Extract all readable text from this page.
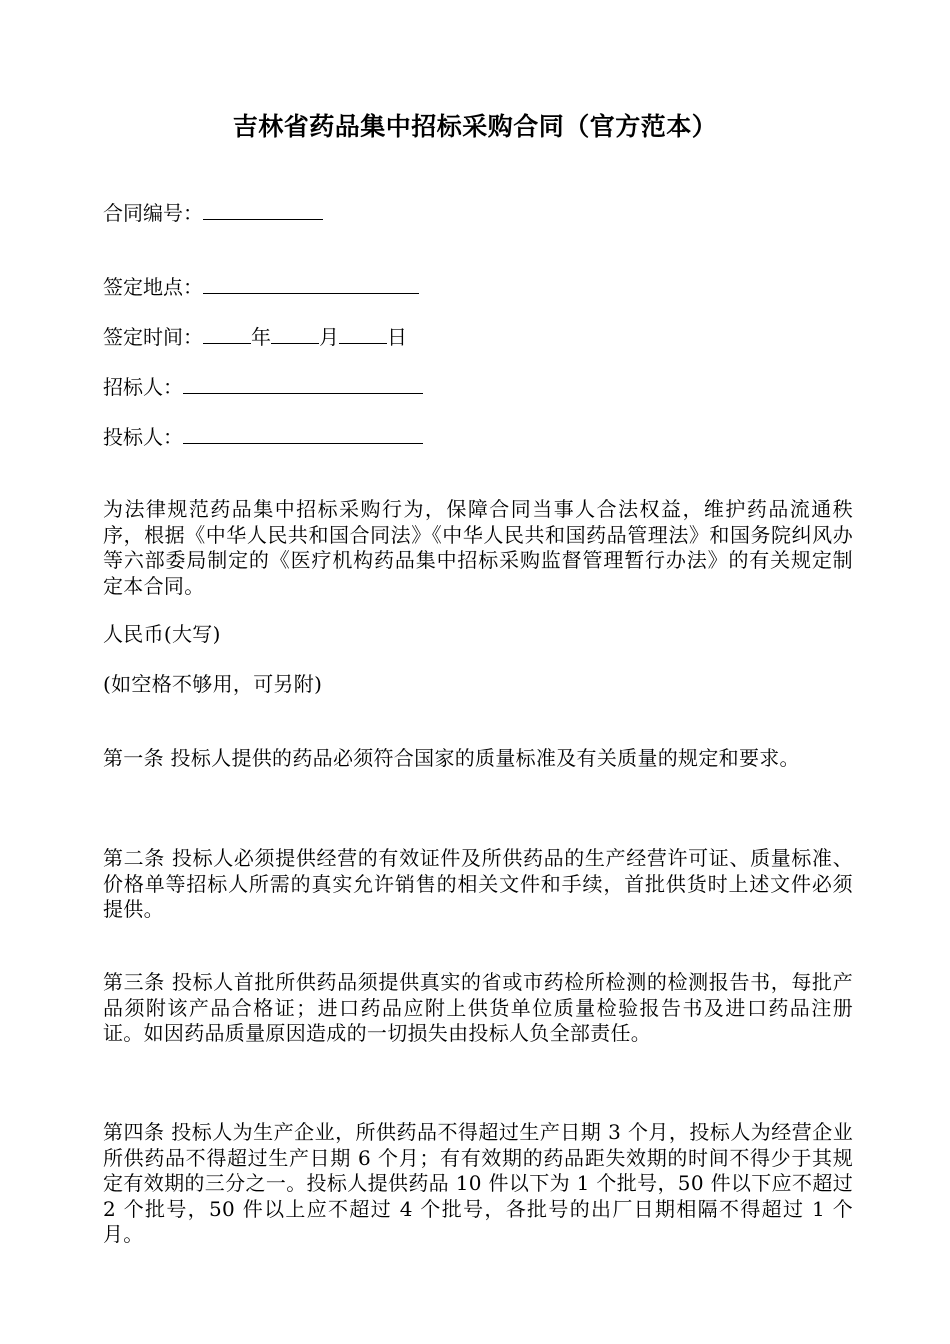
吉林省药品集中招标采购合同（官方范本）
合同编号：
签定地点：
签定时间： 年 月 日
招标人：
投标人：
为法律规范药品集中招标采购行为，保障合同当事人合法权益，维护药品流通秩序，根据《中华人民共和国合同法》《中华人民共和国药品管理法》和国务院纠风办等六部委局制定的《医疗机构药品集中招标采购监督管理暂行办法》的有关规定制定本合同。
人民币(大写)
(如空格不够用，可另附)
第一条 投标人提供的药品必须符合国家的质量标准及有关质量的规定和要求。
第二条 投标人必须提供经营的有效证件及所供药品的生产经营许可证、质量标准、价格单等招标人所需的真实允许销售的相关文件和手续，首批供货时上述文件必须提供。
第三条 投标人首批所供药品须提供真实的省或市药检所检测的检测报告书，每批产品须附该产品合格证；进口药品应附上供货单位质量检验报告书及进口药品注册证。如因药品质量原因造成的一切损失由投标人负全部责任。
第四条 投标人为生产企业，所供药品不得超过生产日期 3 个月，投标人为经营企业所供药品不得超过生产日期 6 个月；有有效期的药品距失效期的时间不得少于其规定有效期的三分之一。投标人提供药品 10 件以下为 1 个批号，50 件以下应不超过 2 个批号，50 件以上应不超过 4 个批号，各批号的出厂日期相隔不得超过 1 个月。
